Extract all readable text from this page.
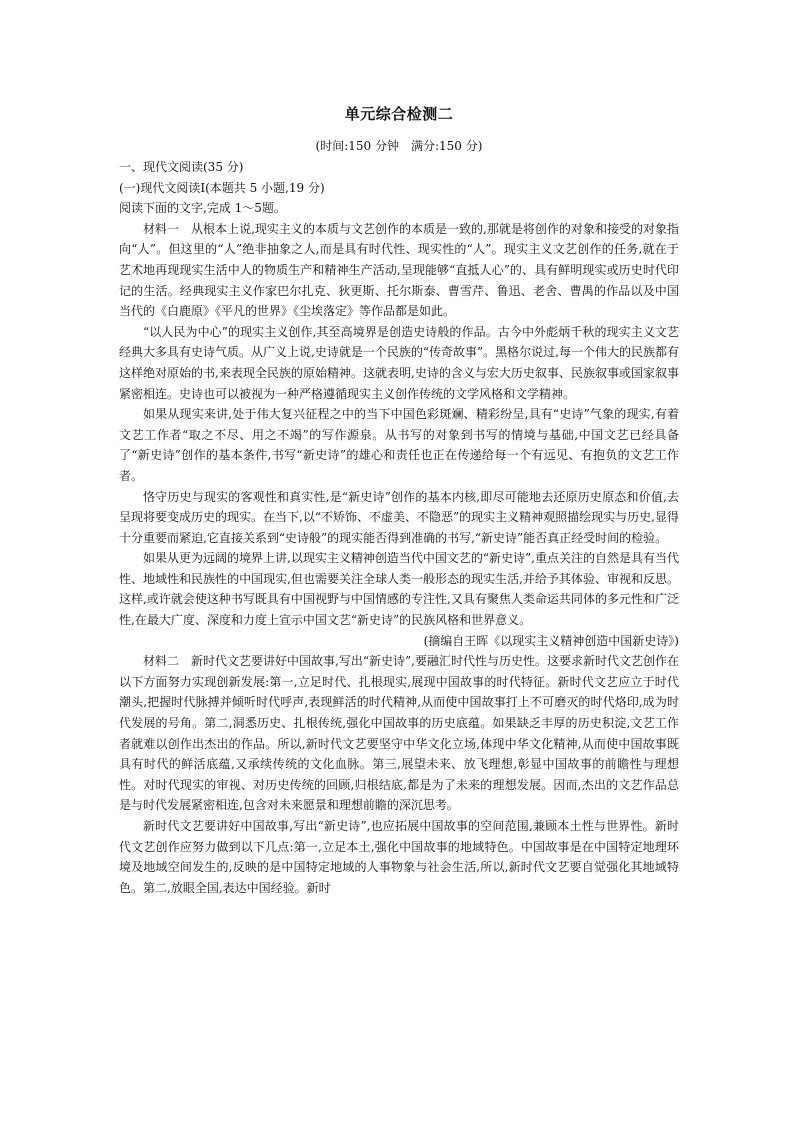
单元综合检测二

(时间:150 分钟　满分:150 分)

一、现代文阅读(35 分)

(一)现代文阅读Ⅰ(本题共 5 小题,19 分)

阅读下面的文字,完成 1～5题。

材料一　从根本上说,现实主义的本质与文艺创作的本质是一致的,那就是将创作的对象和接受的对象指向“人”。但这里的“人”绝非抽象之人,而是具有时代性、现实性的“人”。现实主义文艺创作的任务,就在于艺术地再现现实生活中人的物质生产和精神生产活动,呈现能够“直抵人心”的、具有鲜明现实或历史时代印记的生活。经典现实主义作家巴尔扎克、狄更斯、托尔斯泰、曹雪芹、鲁迅、老舍、曹禺的作品以及中国当代的《白鹿原》《平凡的世界》《尘埃落定》等作品都是如此。

“以人民为中心”的现实主义创作,其至高境界是创造史诗般的作品。古今中外彪炳千秋的现实主义文艺经典大多具有史诗气质。从广义上说,史诗就是一个民族的“传奇故事”。黑格尔说过,每一个伟大的民族都有这样绝对原始的书,来表现全民族的原始精神。这就表明,史诗的含义与宏大历史叙事、民族叙事或国家叙事紧密相连。史诗也可以被视为一种严格遵循现实主义创作传统的文学风格和文学精神。

如果从现实来讲,处于伟大复兴征程之中的当下中国色彩斑斓、精彩纷呈,具有“史诗”气象的现实,有着文艺工作者“取之不尽、用之不竭”的写作源泉。从书写的对象到书写的情境与基础,中国文艺已经具备了“新史诗”创作的基本条件,书写“新史诗”的雄心和责任也正在传递给每一个有远见、有抱负的文艺工作者。

恪守历史与现实的客观性和真实性,是“新史诗”创作的基本内核,即尽可能地去还原历史原态和价值,去呈现将要变成历史的现实。在当下,以“不矫饰、不虚美、不隐恶”的现实主义精神观照描绘现实与历史,显得十分重要而紧迫,它直接关系到“史诗般”的现实能否得到准确的书写,“新史诗”能否真正经受时间的检验。

如果从更为远阔的境界上讲,以现实主义精神创造当代中国文艺的“新史诗”,重点关注的自然是具有当代性、地域性和民族性的中国现实,但也需要关注全球人类一般形态的现实生活,并给予其体验、审视和反思。这样,或许就会使这种书写既具有中国视野与中国情感的专注性,又具有聚焦人类命运共同体的多元性和广泛性,在最大广度、深度和力度上宣示中国文艺“新史诗”的民族风格和世界意义。

(摘编自王晖《以现实主义精神创造中国新史诗》)

材料二　新时代文艺要讲好中国故事,写出“新史诗”,要融汇时代性与历史性。这要求新时代文艺创作在以下方面努力实现创新发展:第一,立足时代、扎根现实,展现中国故事的时代特征。新时代文艺应立于时代潮头,把握时代脉搏并倾听时代呼声,表现鲜活的时代精神,从而使中国故事打上不可磨灭的时代烙印,成为时代发展的号角。第二,洞悉历史、扎根传统,强化中国故事的历史底蕴。如果缺乏丰厚的历史积淀,文艺工作者就难以创作出杰出的作品。所以,新时代文艺要坚守中华文化立场,体现中华文化精神,从而使中国故事既具有时代的鲜活底蕴,又承续传统的文化血脉。第三,展望未来、放飞理想,彰显中国故事的前瞻性与理想性。对时代现实的审视、对历史传统的回顾,归根结底,都是为了未来的理想发展。因而,杰出的文艺作品总是与时代发展紧密相连,包含对未来愿景和理想前瞻的深沉思考。

新时代文艺要讲好中国故事,写出“新史诗”,也应拓展中国故事的空间范围,兼顾本土性与世界性。新时代文艺创作应努力做到以下几点:第一,立足本土,强化中国故事的地域特色。中国故事是在中国特定地理环境及地域空间发生的,反映的是中国特定地域的人事物象与社会生活,所以,新时代文艺要自觉强化其地域特色。第二,放眼全国,表达中国经验。新时
